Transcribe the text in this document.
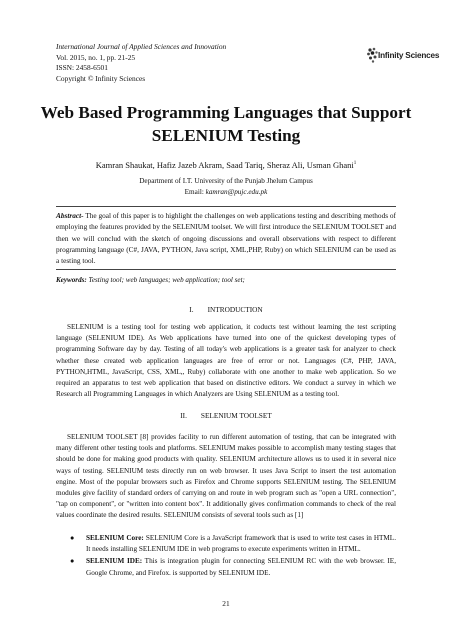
International Journal of Applied Sciences and Innovation
Vol. 2015, no. 1, pp. 21-25
ISSN: 2458-6501
Copyright © Infinity Sciences
Infinity Sciences
Web Based Programming Languages that Support
SELENIUM Testing
Kamran Shaukat, Hafiz Jazeb Akram, Saad Tariq, Sheraz Ali, Usman Ghani$^1$
Department of I.T. University of the Punjab Jhelum Campus
Email: kamran@pujc.edu.pk
Abstract- The goal of this paper is to highlight the challenges on web applications testing and describing methods of employing the features provided by the SELENIUM toolset. We will first introduce the SELENIUM TOOLSET and then we will conclud with the sketch of ongoing discussions and overall observations with respect to different programming language (C#, JAVA, PYTHON, Java script, XML,PHP, Ruby) on which SELENIUM can be used as a testing tool.
Keywords: Testing tool; web languages; web application; tool set;
I. INTRODUCTION
SELENIUM is a testing tool for testing web application, it coducts test without learning the test scripting language (SELENIUM IDE). As Web applications have turned into one of the quickest developing types of programming Software day by day. Testing of all today's web applications is a greater task for analyzer to check whether these created web application languages are free of error or not. Languages (C#, PHP, JAVA, PYTHON,HTML, JavaScript, CSS, XML,, Ruby) collaborate with one another to make web application. So we required an apparatus to test web application that based on distinctive editors. We conduct a survey in which we Research all Programming Languages in which Analyzers are Using SELENIUM as a testing tool.
II. SELENIUM TOOLSET
SELENIUM TOOLSET [8] provides facility to run different automation of testing, that can be integrated with many different other testing tools and platforms. SELENIUM makes possible to accomplish many testing stages that should be done for making good products with quality. SELENIUM architecture allows us to used it in several nice ways of testing. SELENIUM tests directly run on web browser. It uses Java Script to insert the test automation engine. Most of the popular browsers such as Firefox and Chrome supports SELENIUM testing. The SELENIUM modules give facility of standard orders of carrying on and route in web program such as "open a URL connection", "tap on component", or "written into content box". It additionally gives confirmation commands to check of the real values coordinate the desired results. SELENIUM consists of several tools such as [1]
● SELENIUM Core: SELENIUM Core is a JavaScript framework that is used to write test cases in HTML. It needs installing SELENIUM IDE in web programs to execute experiments written in HTML.
● SELENIUM IDE: This is integration plugin for connecting SELENIUM RC with the web browser. IE, Google Chrome, and Firefox. is supported by SELENIUM IDE.
21
